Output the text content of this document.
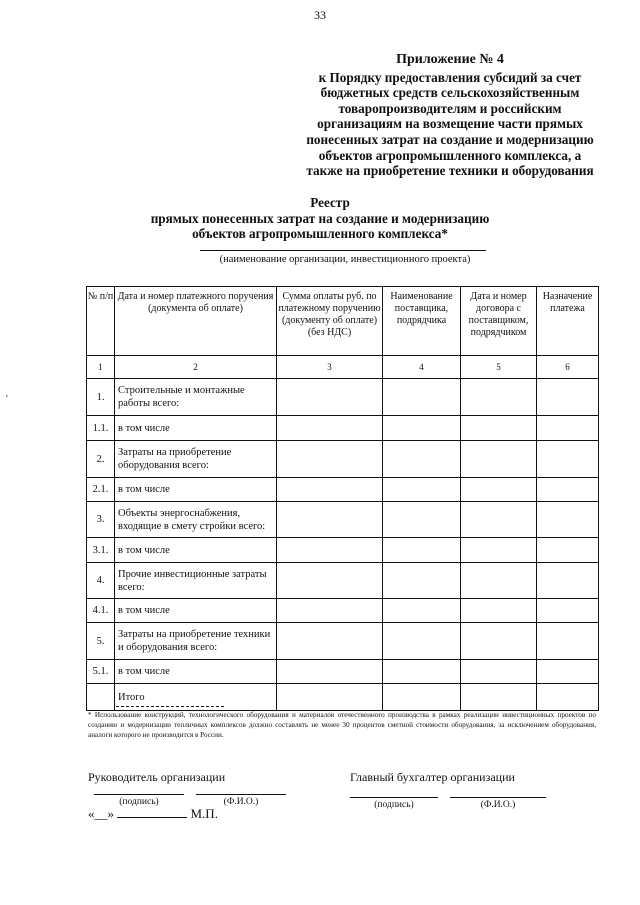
33
Приложение № 4
к Порядку предоставления субсидий за счет
бюджетных средств сельскохозяйственным
товаропроизводителям и российским
организациям на возмещение части прямых
понесенных затрат на создание и модернизацию
объектов агропромышленного комплекса, а
также на приобретение техники и оборудования
Реестр
прямых понесенных затрат на создание и модернизацию
объектов агропромышленного комплекса*
(наименование организации, инвестиционного проекта)
'
№ п/п	Дата и номер платежного поручения (документа об оплате)	Сумма оплаты руб. по платежному поручению (документу об оплате) (без НДС)	Наименование поставщика, подрядчика	Дата и номер договора с поставщиком, подрядчиком	Назначение платежа
1	2	3	4	5	6
1.	Строительные и монтажные работы всего:				
1.1.	в том числе				
2.	Затраты на приобретение оборудования всего:				
2.1.	в том числе				
3.	Объекты энергоснабжения, входящие в смету стройки всего:				
3.1.	в том числе				
4.	Прочие инвестиционные затраты всего:				
4.1.	в том числе				
5.	Затраты на приобретение техники и оборудования всего:				
5.1.	в том числе				
	Итого				
* Использование конструкций, технологического оборудования и материалов отечественного производства в рамках реализации инвестиционных проектов по созданию и модернизации тепличных комплексов должно составлять не менее 30 процентов сметной стоимости оборудования, за исключением оборудования, аналоги которого не производится в России.
Руководитель организации	Главный бухгалтер организации
(подпись)	(Ф.И.О.)	(подпись)	(Ф.И.О.)
«__»	М.П.
